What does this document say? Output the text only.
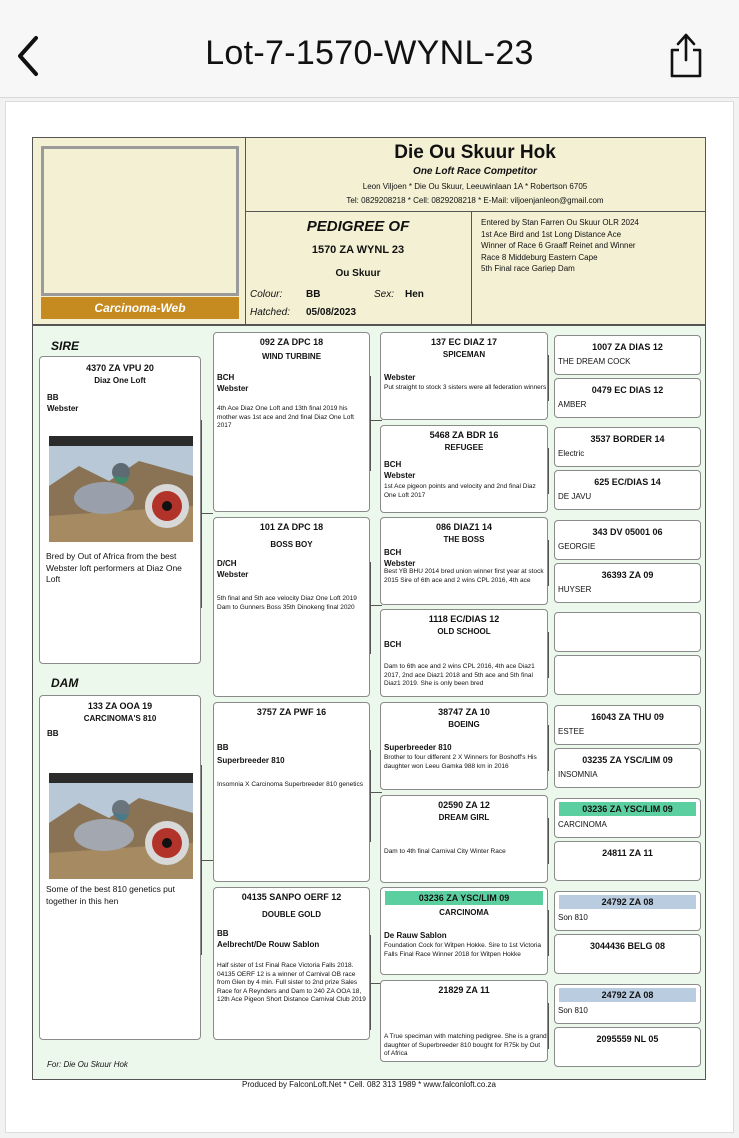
Lot-7-1570-WYNL-23
Carcinoma-Web
Die Ou Skuur Hok
One Loft Race Competitor
Leon Viljoen * Die Ou Skuur, Leeuwinlaan 1A * Robertson 6705
Tel: 0829208218 * Cell: 0829208218 * E-Mail: viljoenjanleon@gmail.com
PEDIGREE OF
1570 ZA WYNL 23
Ou Skuur
Colour: BB	Sex: Hen
Hatched: 05/08/2023
Entered by Stan Farren Ou Skuur OLR 2024
1st Ace Bird and 1st Long Distance Ace
Winner of Race 6 Graaff Reinet and Winner
Race 8 Middeburg Eastern Cape
5th Final race Gariep Dam
SIRE
4370 ZA VPU 20
Diaz One Loft
BB
Webster
Bred by Out of Africa from the best Webster loft performers at Diaz One Loft
DAM
133 ZA OOA 19
CARCINOMA'S 810
BB
Some of the best 810 genetics put together in this hen
092 ZA DPC 18
WIND TURBINE
BCH
Webster
4th Ace Diaz One Loft and 13th final 2019 his mother was 1st ace and 2nd final Diaz One Loft 2017
101 ZA DPC 18
BOSS BOY
D/CH
Webster
5th final and 5th ace velocity Diaz One Loft 2019 Dam to Gunners Boss 35th Dinokeng final 2020
3757 ZA PWF 16
BB
Superbreeder 810
Insomnia X Carcinoma Superbreeder 810 genetics
04135 SANPO OERF 12
DOUBLE GOLD
BB
Aelbrecht/De Rouw Sablon
Half sister of 1st Final Race Victoria Falls 2018. 04135 OERF 12 is a winner of Carnival OB race from Glen by 4 min. Full sister to 2nd prize Sales Race for A Reynders and Dam to 240 ZA OOA 18, 12th Ace Pigeon Short Distance Carnival Club 2019
137 EC DIAZ 17
SPICEMAN
Webster
Put straight to stock 3 sisters were all federation winners
5468 ZA BDR 16
REFUGEE
BCH
Webster
1st Ace pigeon points and velocity and 2nd final Diaz One Loft 2017
086 DIAZ1 14
THE BOSS
BCH
Webster
Best YB BHU 2014 bred union winner first year at stock 2015 Sire of 6th ace and 2 wins CPL 2016, 4th ace
1118 EC/DIAS 12
OLD SCHOOL
BCH
Dam to 6th ace and 2 wins CPL 2016, 4th ace Diaz1 2017, 2nd ace Diaz1 2018 and 5th ace and 5th final Diaz1 2019. She is only been bred
38747 ZA 10
BOEING
Superbreeder 810
Brother to four different 2 X Winners for Boshoff's His daughter won Leeu Gamka 988 km in 2016
02590 ZA 12
DREAM GIRL
Dam to 4th final Carnival City Winter Race
03236 ZA YSC/LIM 09
CARCINOMA
De Rauw Sablon
Foundation Cock for Witpen Hokke. Sire to 1st Victoria Falls Final Race Winner 2018 for Witpen Hokke
21829 ZA 11
A True speciman with matching pedigree. She is a grand daughter of Superbreeder 810 bought for R75k by Out of Africa
1007 ZA DIAS 12
THE DREAM COCK
0479 EC DIAS 12
AMBER
3537 BORDER 14
Electric
625 EC/DIAS 14
DE JAVU
343 DV 05001 06
GEORGIE
36393 ZA 09
HUYSER
16043 ZA THU 09
ESTEE
03235 ZA YSC/LIM 09
INSOMNIA
03236 ZA YSC/LIM 09
CARCINOMA
24811 ZA 11
24792 ZA 08
Son 810
3044436 BELG 08
24792 ZA 08
Son 810
2095559 NL 05
For: Die Ou Skuur Hok
Produced by FalconLoft.Net * Cell. 082 313 1989 * www.falconloft.co.za
